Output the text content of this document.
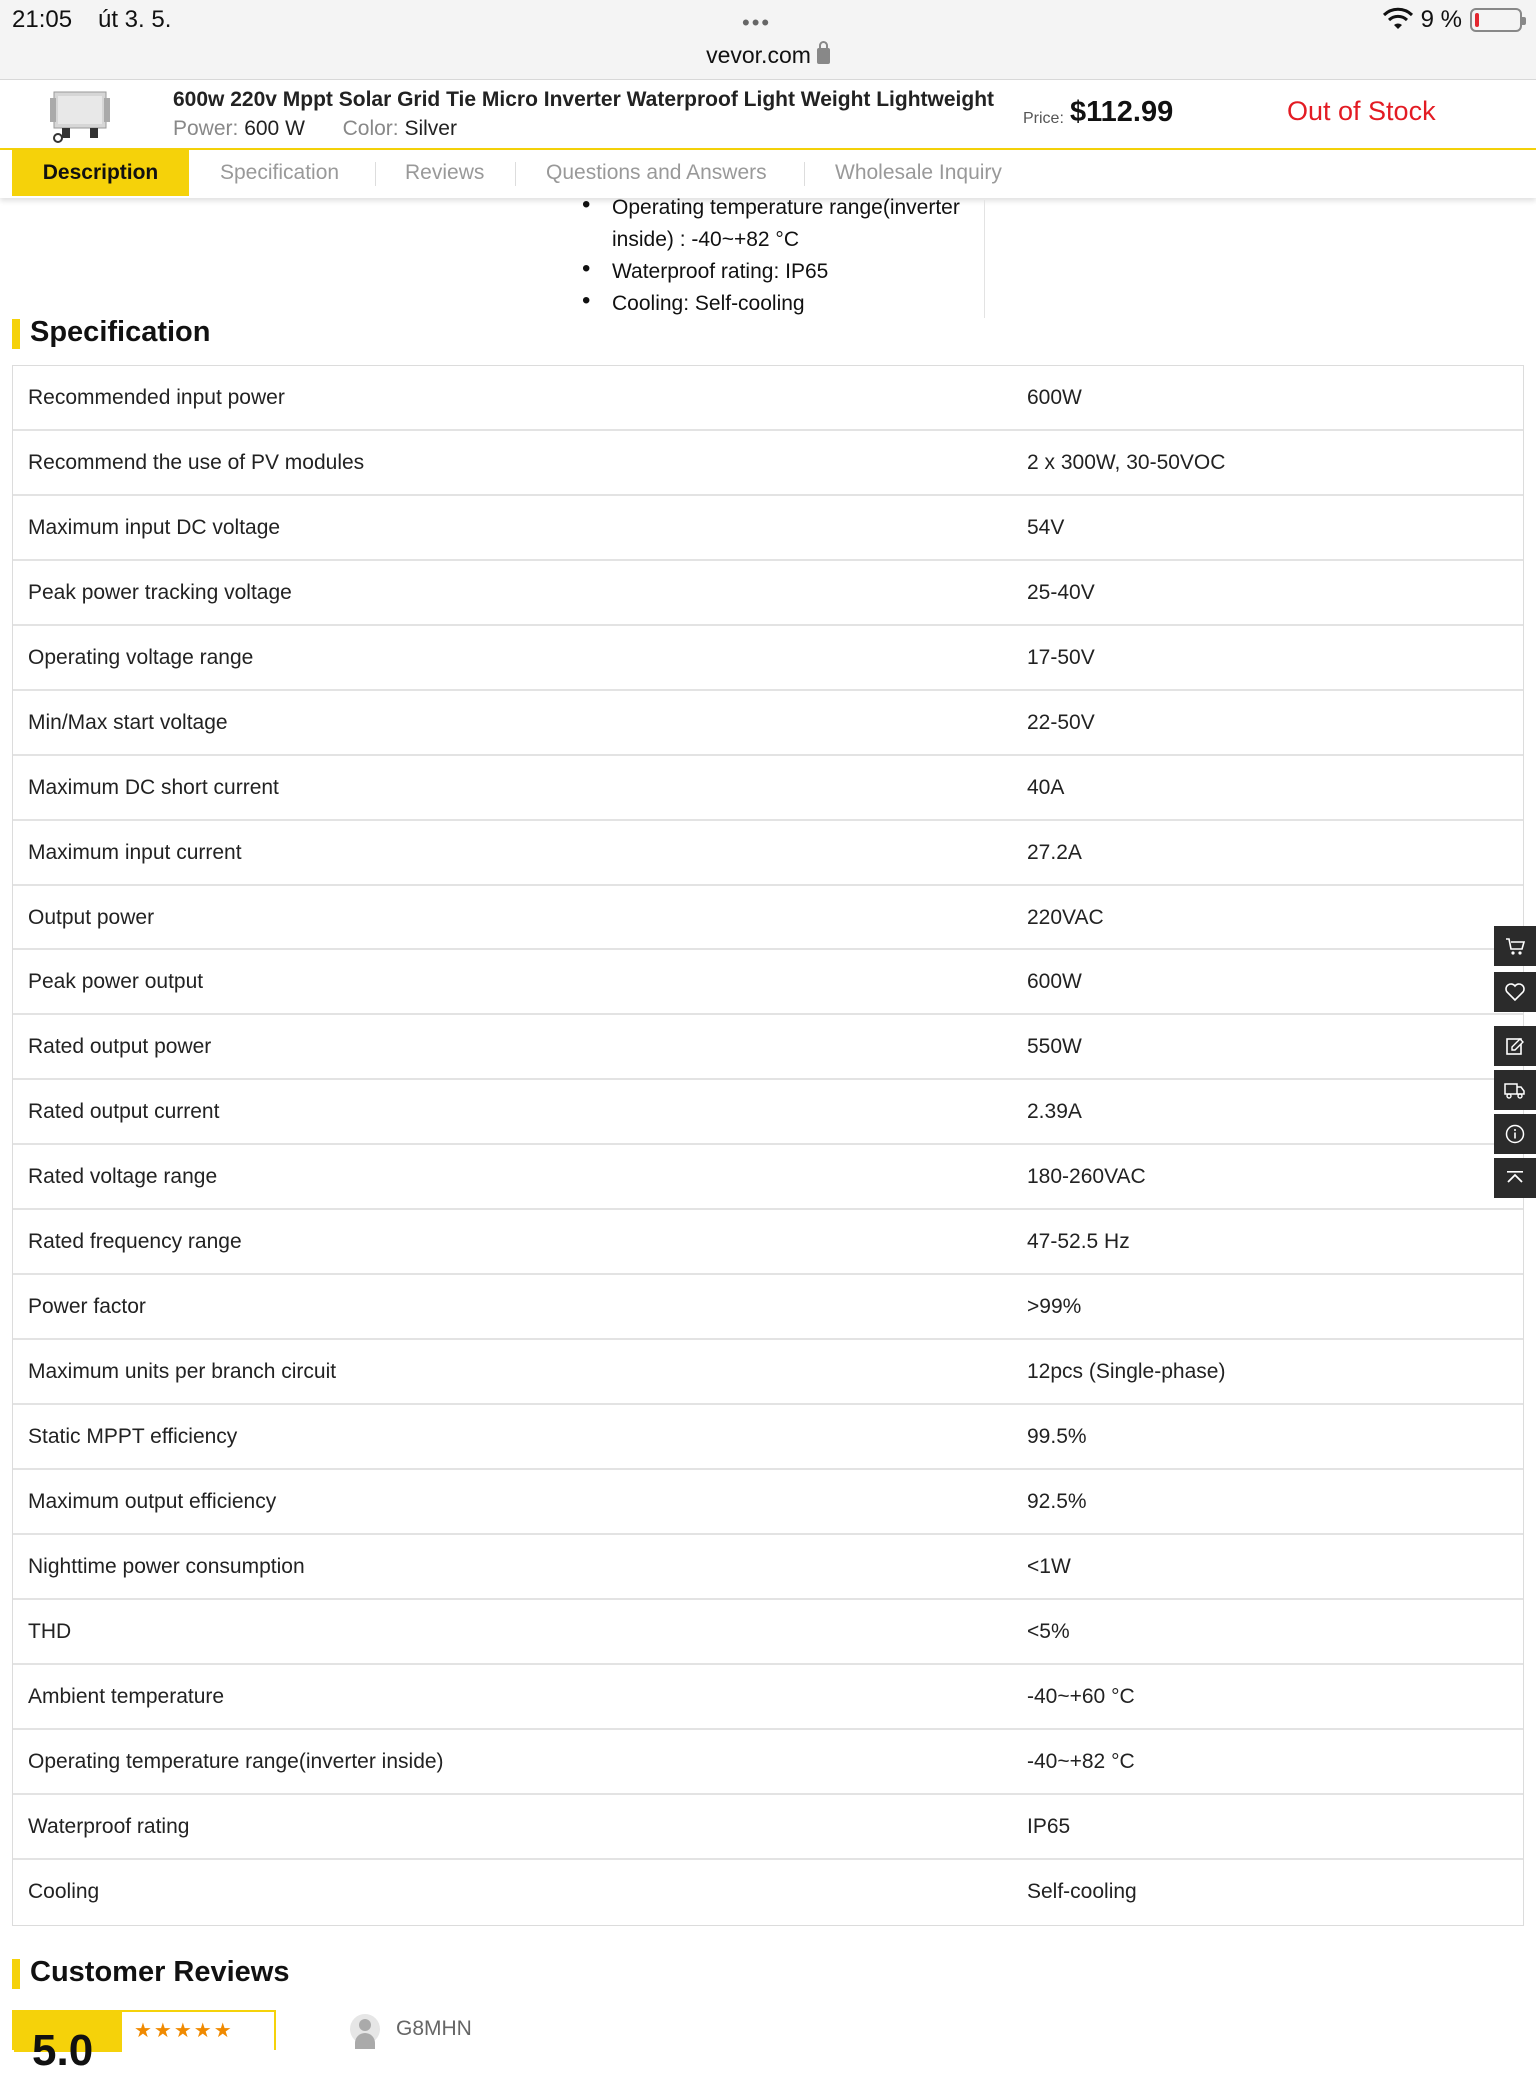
21:05 út 3. 5.	•••	9 %
vevor.com
600w 220v Mppt Solar Grid Tie Micro Inverter Waterproof Light Weight Lightweight
Power: 600 W Color: Silver	Price: $112.99	Out of Stock
Description	Specification	Reviews	Questions and Answers	Wholesale Inquiry
• Operating temperature range(inverter inside) : -40~+82 °C
• Waterproof rating: IP65
• Cooling: Self-cooling
Specification
Recommended input power	600W
Recommend the use of PV modules	2 x 300W, 30-50VOC
Maximum input DC voltage	54V
Peak power tracking voltage	25-40V
Operating voltage range	17-50V
Min/Max start voltage	22-50V
Maximum DC short current	40A
Maximum input current	27.2A
Output power	220VAC
Peak power output	600W
Rated output power	550W
Rated output current	2.39A
Rated voltage range	180-260VAC
Rated frequency range	47-52.5 Hz
Power factor	>99%
Maximum units per branch circuit	12pcs (Single-phase)
Static MPPT efficiency	99.5%
Maximum output efficiency	92.5%
Nighttime power consumption	<1W
THD	<5%
Ambient temperature	-40~+60 °C
Operating temperature range(inverter inside)	-40~+82 °C
Waterproof rating	IP65
Cooling	Self-cooling
Customer Reviews
5.0 ★★★★★	G8MHN
